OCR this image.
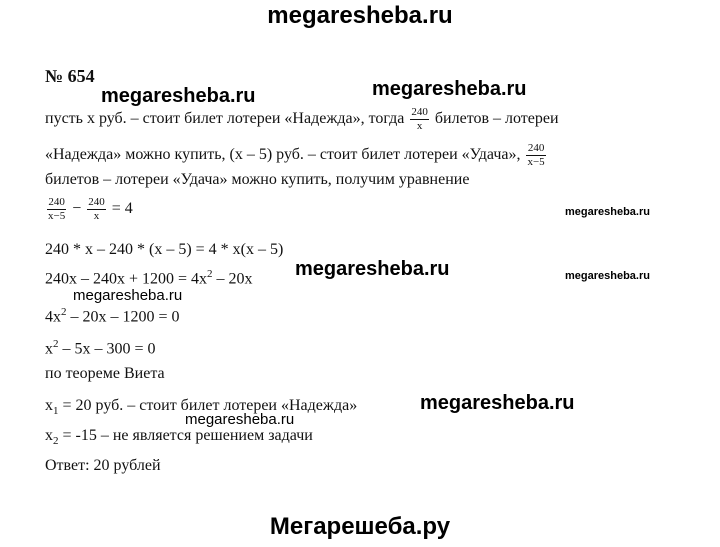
megaresheba.ru
№ 654
megaresheba.ru
megaresheba.ru
пусть х руб. – стоит билет лотереи «Надежда», тогда $\frac{240}{x}$ билетов – лотереи
«Надежда» можно купить, (х – 5) руб. – стоит билет лотереи «Удача», $\frac{240}{x-5}$
билетов – лотереи «Удача» можно купить, получим уравнение
$\frac{240}{x-5} - \frac{240}{x} = 4$	megaresheba.ru
240 * х – 240 * (х – 5) = 4 * х(х – 5)
$240х - 240х + 1200 = 4х^2 - 20х$ megaresheba.ru	megaresheba.ru
megaresheba.ru
$4х^2 - 20х - 1200 = 0$
$х^2 - 5х - 300 = 0$
по теореме Виета
$х_1 = 20$ руб. – стоит билет лотереи «Надежда»	megaresheba.ru
megaresheba.ru
$х_2 = -15$ – не является решением задачи
Ответ: 20 рублей
Мегарешеба.ру
